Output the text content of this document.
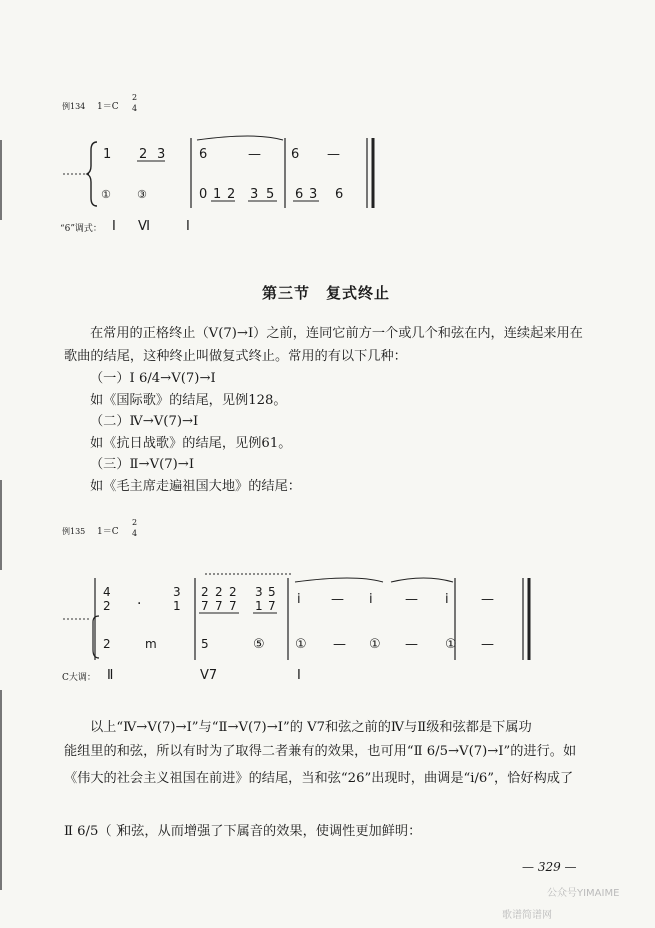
例134 1＝C
2
4
1 2 3	6	— 6 —
① ③	0 1 2 3 5 6 3 6
“6”调式： Ⅰ Ⅵ	Ⅰ
第三节　复式终止
在常用的正格终止（V(7)→Ⅰ）之前，连同它前方一个或几个和弦在内，连续起来用在
歌曲的结尾，这种终止叫做复式终止。常用的有以下几种：
（一）Ⅰ 6/4→V(7)→Ⅰ
如《国际歌》的结尾，见例128。
（二）Ⅳ→V(7)→Ⅰ
如《抗日战歌》的结尾，见例61。
（三）Ⅱ→V(7)→Ⅰ
如《毛主席走遍祖国大地》的结尾：
例135 1＝C
2
4
4	3 2 2 2 3 5 i — i — i —
2 ·	1 7 7 7 1 7
2	m	5	⑤ ① — ① — ① —
C大调： Ⅱ	V7	Ⅰ
以上“Ⅳ→V(7)→Ⅰ”与“Ⅱ→V(7)→Ⅰ”的 V7和弦之前的Ⅳ与Ⅱ级和弦都是下属功
能组里的和弦，所以有时为了取得二者兼有的效果，也可用“Ⅱ 6/5→V(7)→Ⅰ”的进行。如
《伟大的社会主义祖国在前进》的结尾，当和弦“26”出现时，曲调是“i/6”，恰好构成了
Ⅱ 6/5（ ）
和弦，从而增强了下属音的效果，使调性更加鲜明：
— 329 —
公众号YIMAIME
歌谱简谱网
